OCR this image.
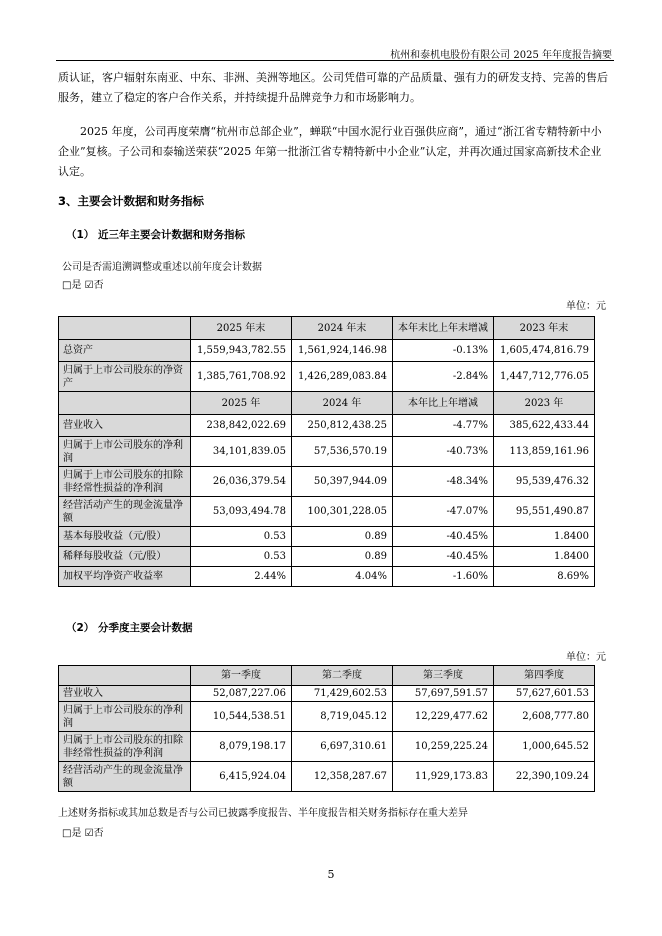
杭州和泰机电股份有限公司 2025 年年度报告摘要
质认证，客户辐射东南亚、中东、非洲、美洲等地区。公司凭借可靠的产品质量、强有力的研发支持、完善的售后服务，建立了稳定的客户合作关系，并持续提升品牌竞争力和市场影响力。
2025 年度，公司再度荣膺“杭州市总部企业”，蝉联“中国水泥行业百强供应商”，通过“浙江省专精特新中小企业”复核。子公司和泰输送荣获“2025 年第一批浙江省专精特新中小企业”认定，并再次通过国家高新技术企业认定。
3、主要会计数据和财务指标
（1） 近三年主要会计数据和财务指标
公司是否需追溯调整或重述以前年度会计数据
□是 ☑否
单位：元
	2025 年末	2024 年末	本年末比上年末增减	2023 年末
总资产	1,559,943,782.55	1,561,924,146.98	-0.13%	1,605,474,816.79
归属于上市公司股东的净资产	1,385,761,708.92	1,426,289,083.84	-2.84%	1,447,712,776.05
	2025 年	2024 年	本年比上年增减	2023 年
营业收入	238,842,022.69	250,812,438.25	-4.77%	385,622,433.44
归属于上市公司股东的净利润	34,101,839.05	57,536,570.19	-40.73%	113,859,161.96
归属于上市公司股东的扣除非经常性损益的净利润	26,036,379.54	50,397,944.09	-48.34%	95,539,476.32
经营活动产生的现金流量净额	53,093,494.78	100,301,228.05	-47.07%	95,551,490.87
基本每股收益（元/股）	0.53	0.89	-40.45%	1.8400
稀释每股收益（元/股）	0.53	0.89	-40.45%	1.8400
加权平均净资产收益率	2.44%	4.04%	-1.60%	8.69%
（2） 分季度主要会计数据
单位：元
	第一季度	第二季度	第三季度	第四季度
营业收入	52,087,227.06	71,429,602.53	57,697,591.57	57,627,601.53
归属于上市公司股东的净利润	10,544,538.51	8,719,045.12	12,229,477.62	2,608,777.80
归属于上市公司股东的扣除非经常性损益的净利润	8,079,198.17	6,697,310.61	10,259,225.24	1,000,645.52
经营活动产生的现金流量净额	6,415,924.04	12,358,287.67	11,929,173.83	22,390,109.24
上述财务指标或其加总数是否与公司已披露季度报告、半年度报告相关财务指标存在重大差异
□是 ☑否
5
